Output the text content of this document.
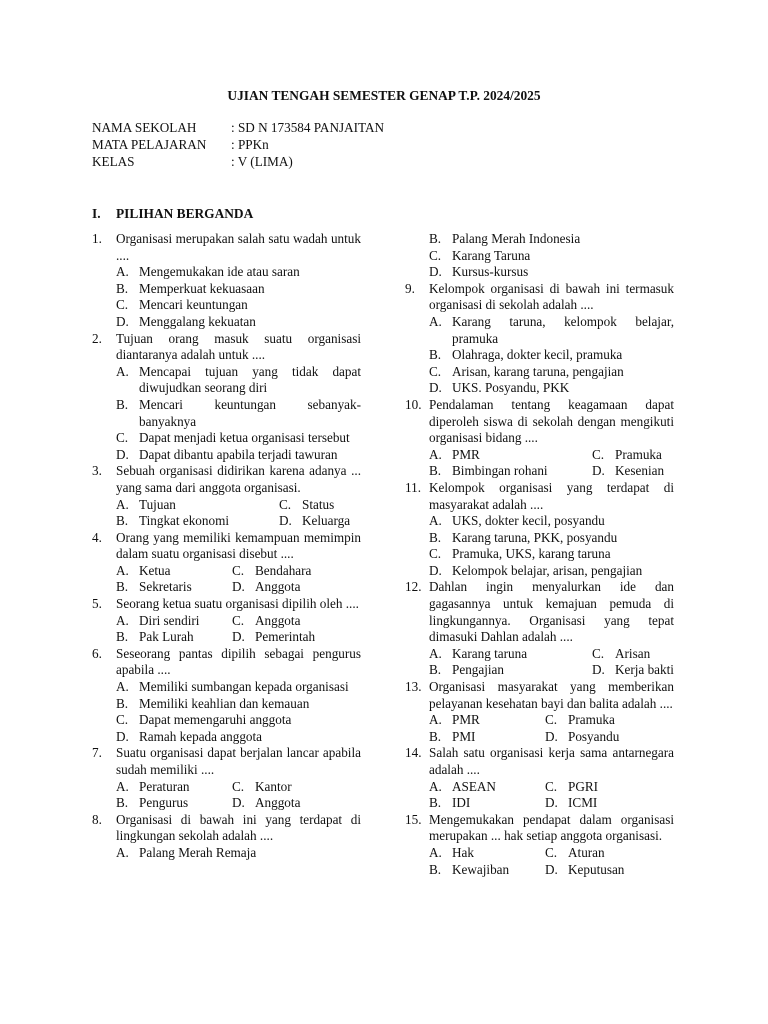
UJIAN TENGAH SEMESTER GENAP T.P. 2024/2025
NAMA SEKOLAH	: SD N 173584 PANJAITAN
MATA PELAJARAN	: PPKn
KELAS	: V (LIMA)
I. PILIHAN BERGANDA
1.	Organisasi merupakan salah satu wadah untuk ....
A. Mengemukakan ide atau saran
B. Memperkuat kekuasaan
C. Mencari keuntungan
D. Menggalang kekuatan
2.	Tujuan orang masuk suatu organisasi diantaranya adalah untuk ....
A. Mencapai tujuan yang tidak dapat diwujudkan seorang diri
B. Mencari keuntungan sebanyak-banyaknya
C. Dapat menjadi ketua organisasi tersebut
D. Dapat dibantu apabila terjadi tawuran
3.	Sebuah organisasi didirikan karena adanya ... yang sama dari anggota organisasi.
A. Tujuan	C. Status
B. Tingkat ekonomi	D. Keluarga
4.	Orang yang memiliki kemampuan memimpin dalam suatu organisasi disebut ....
A. Ketua	C. Bendahara
B. Sekretaris	D. Anggota
5.	Seorang ketua suatu organisasi dipilih oleh ....
A. Diri sendiri C. Anggota
B. Pak Lurah	D. Pemerintah
6.	Seseorang pantas dipilih sebagai pengurus apabila ....
A. Memiliki sumbangan kepada organisasi
B. Memiliki keahlian dan kemauan
C. Dapat memengaruhi anggota
D. Ramah kepada anggota
7.	Suatu organisasi dapat berjalan lancar apabila sudah memiliki ....
A. Peraturan	C. Kantor
B. Pengurus	D. Anggota
8.	Organisasi di bawah ini yang terdapat di lingkungan sekolah adalah ....
A. Palang Merah Remaja
B. Palang Merah Indonesia
C. Karang Taruna
D. Kursus-kursus
9.	Kelompok organisasi di bawah ini termasuk organisasi di sekolah adalah ....
A. Karang taruna, kelompok belajar, pramuka
B. Olahraga, dokter kecil, pramuka
C. Arisan, karang taruna, pengajian
D. UKS. Posyandu, PKK
10. Pendalaman tentang keagamaan dapat diperoleh siswa di sekolah dengan mengikuti organisasi bidang ....
A. PMR	C. Pramuka
B. Bimbingan rohani	D. Kesenian
11. Kelompok organisasi yang terdapat di masyarakat adalah ....
A. UKS, dokter kecil, posyandu
B. Karang taruna, PKK, posyandu
C. Pramuka, UKS, karang taruna
D. Kelompok belajar, arisan, pengajian
12. Dahlan ingin menyalurkan ide dan gagasannya untuk kemajuan pemuda di lingkungannya. Organisasi yang tepat dimasuki Dahlan adalah ....
A. Karang taruna	C. Arisan
B. Pengajian	D. Kerja bakti
13. Organisasi masyarakat yang memberikan pelayanan kesehatan bayi dan balita adalah ....
A. PMR	C. Pramuka
B. PMI	D. Posyandu
14. Salah satu organisasi kerja sama antarnegara adalah ....
A. ASEAN	C. PGRI
B. IDI	D. ICMI
15. Mengemukakan pendapat dalam organisasi merupakan ... hak setiap anggota organisasi.
A. Hak	C. Aturan
B. Kewajiban	D. Keputusan
